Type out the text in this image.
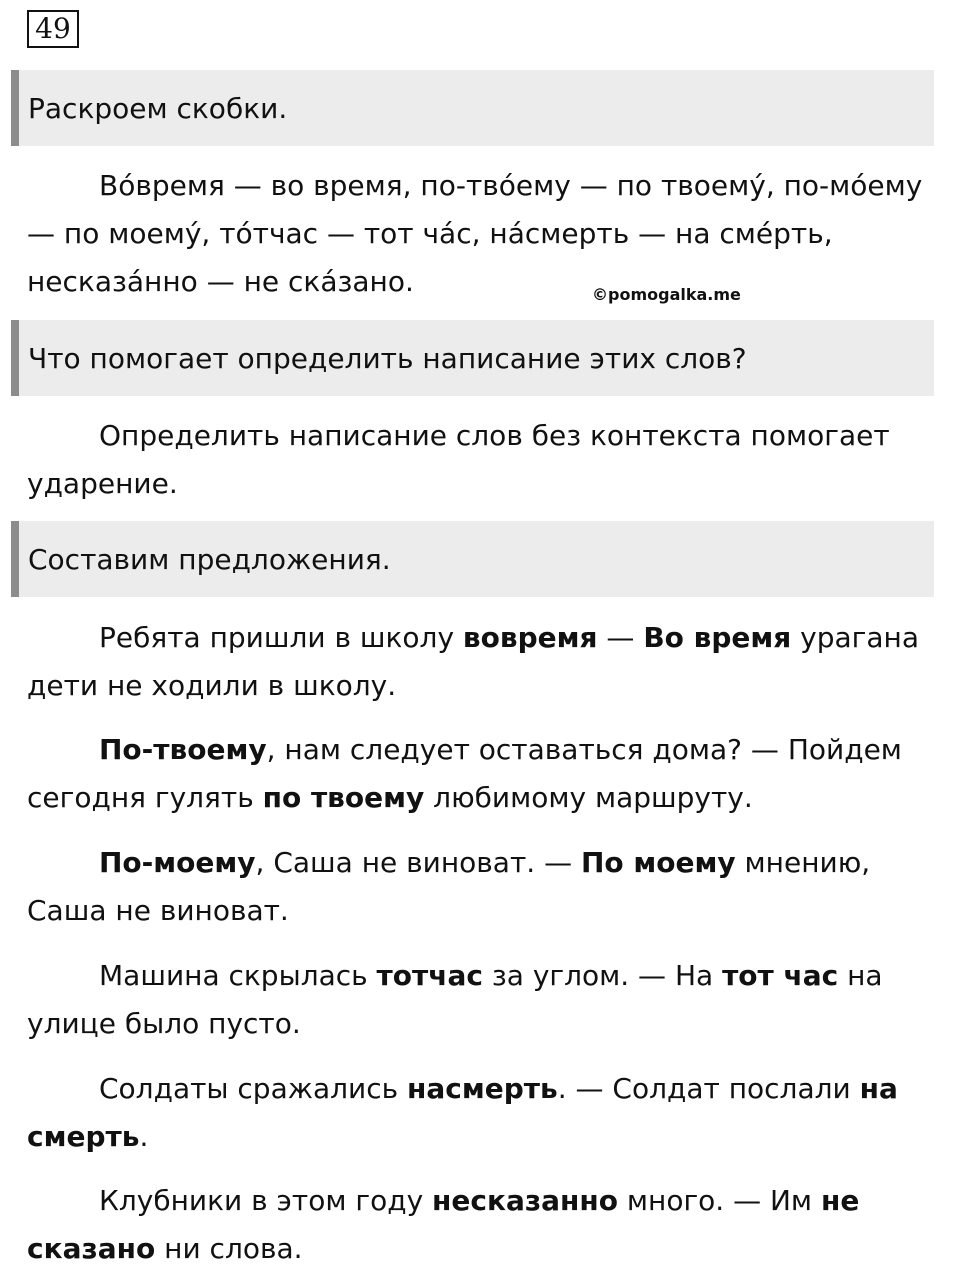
49
Раскроем скобки.

Во́время — во время, по-тво́ему — по твоему́, по-мо́ему — по моему́, то́тчас — тот ча́с, на́смерть — на сме́рть, несказа́нно — не ска́зано.	©pomogalka.me
Что помогает определить написание этих слов?

Определить написание слов без контекста помогает ударение.

Составим предложения.

Ребята пришли в школу вовремя — Во время урагана дети не ходили в школу.

По-твоему, нам следует оставаться дома? — Пойдем сегодня гулять по твоему любимому маршруту.

По-моему, Саша не виноват. — По моему мнению, Саша не виноват.

Машина скрылась тотчас за углом. — На тот час на улице было пусто.

Солдаты сражались насмерть. — Солдат послали на смерть.

Клубники в этом году несказанно много. — Им не сказано ни слова.
